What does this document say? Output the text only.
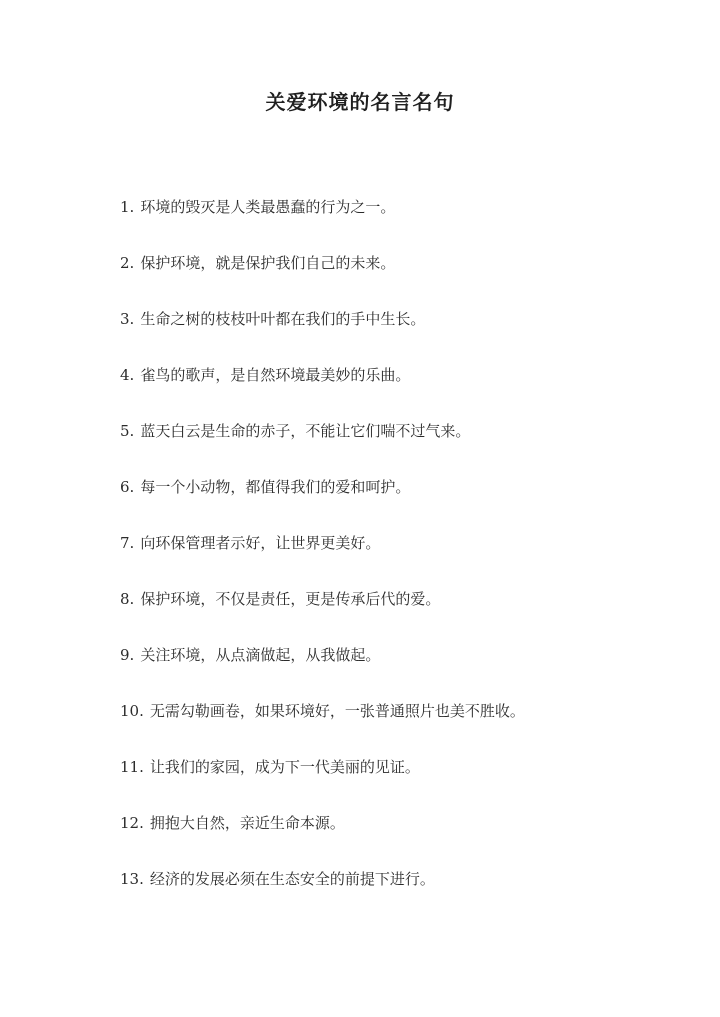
关爱环境的名言名句
1. 环境的毁灭是人类最愚蠢的行为之一。
2. 保护环境，就是保护我们自己的未来。
3. 生命之树的枝枝叶叶都在我们的手中生长。
4. 雀鸟的歌声，是自然环境最美妙的乐曲。
5. 蓝天白云是生命的赤子，不能让它们喘不过气来。
6. 每一个小动物，都值得我们的爱和呵护。
7. 向环保管理者示好，让世界更美好。
8. 保护环境，不仅是责任，更是传承后代的爱。
9. 关注环境，从点滴做起，从我做起。
10. 无需勾勒画卷，如果环境好，一张普通照片也美不胜收。
11. 让我们的家园，成为下一代美丽的见证。
12. 拥抱大自然，亲近生命本源。
13. 经济的发展必须在生态安全的前提下进行。
